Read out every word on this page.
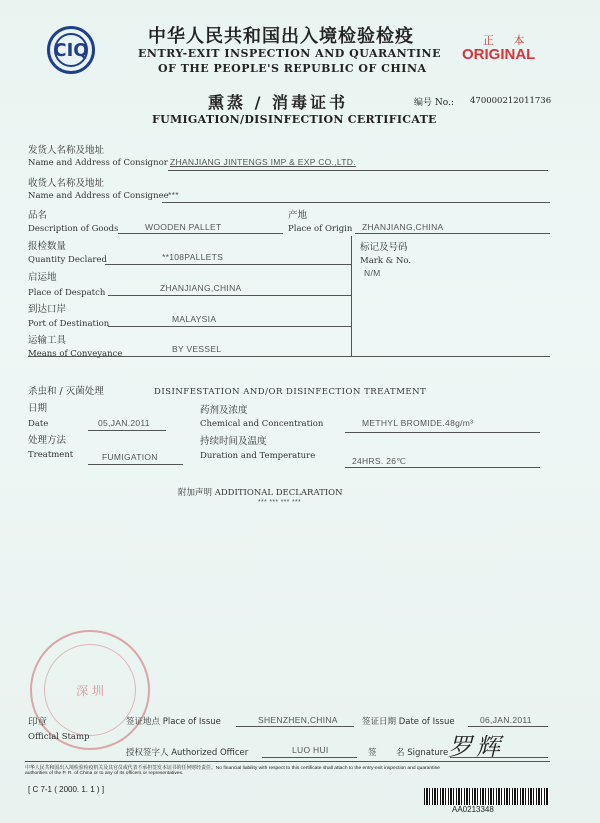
CIQ
中华人民共和国出入境检验检疫
ENTRY-EXIT INSPECTION AND QUARANTINE
OF THE PEOPLE'S REPUBLIC OF CHINA
正 本
ORIGINAL
熏蒸 / 消毒证书	编号 No.: 470000212011736
FUMIGATION/DISINFECTION CERTIFICATE
发货人名称及地址
Name and Address of Consignor ZHANJIANG JINTENGS IMP & EXP CO.,LTD.
收货人名称及地址
Name and Address of Consignee ***
品名
Description of Goods	WOODEN PALLET
产地
Place of Origin ZHANJIANG,CHINA
标记及号码
Mark & No.
N/M
报检数量
Quantity Declared	**108PALLETS
启运地
Place of Despatch	ZHANJIANG,CHINA
到达口岸
Port of Destination	MALAYSIA
运输工具
Means of Conveyance	BY VESSEL
杀虫和 / 灭菌处理	DISINFESTATION AND/OR DISINFECTION TREATMENT
日期
Date	05,JAN.2011
药剂及浓度
Chemical and Concentration	METHYL BROMIDE.48g/m³
处理方法
Treatment	FUMIGATION
持续时间及温度
Duration and Temperature	24HRS. 26℃
附加声明 ADDITIONAL DECLARATION
*** *** *** ***
深 圳
印章
Official Stamp
签证地点 Place of Issue	SHENZHEN,CHINA	签证日期 Date of Issue	06,JAN.2011
授权签字人 Authorized Officer	LUO HUI	签 名 Signature 罗辉
中华人民共和国出入境检验检疫机关及其官员或代表不承担签发本证书的任何财经责任。No financial liability with respect to this certificate shall attach to the entry-exit inspection and quarantine
authorities of the P. R. of China or to any of its officers or representatives.
[ C 7-1 ( 2000. 1. 1 ) ]
AA0213348
